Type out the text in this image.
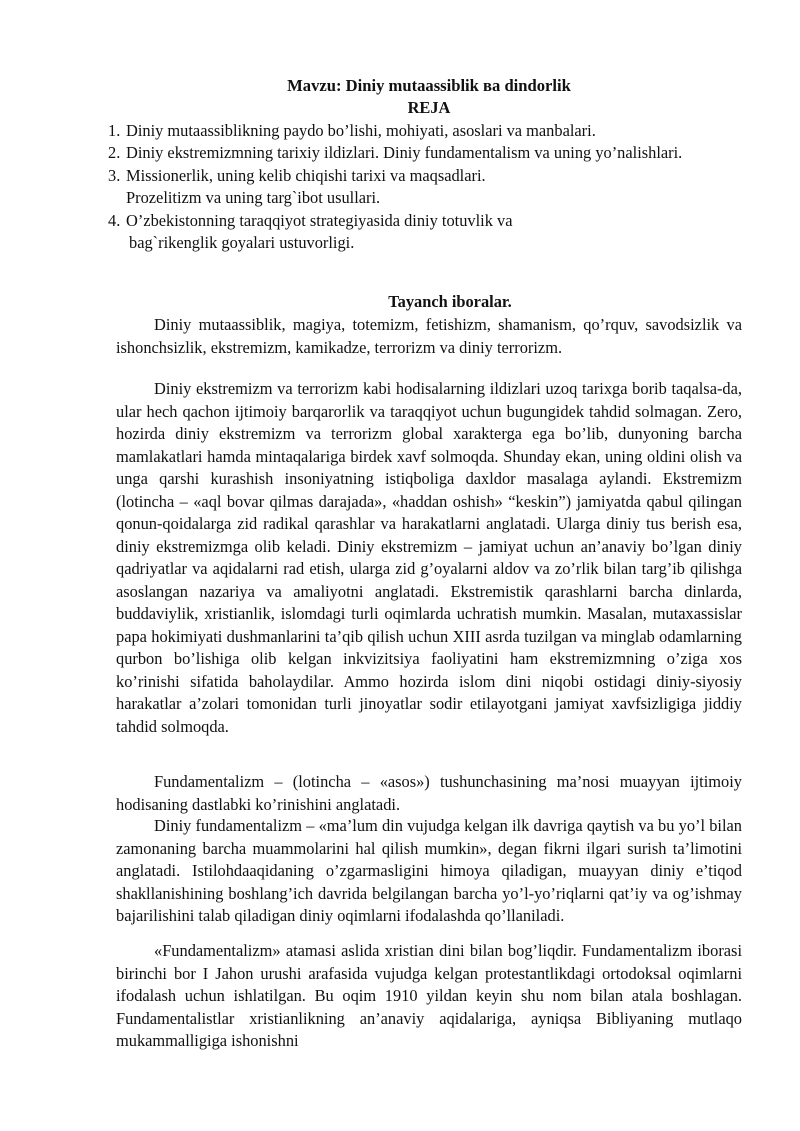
Mavzu: Diniy mutaassiblik ва dindorlik
REJA
1. Diniy mutaassiblikning paydo bo’lishi, mohiyati, asoslari va manbalari.
2. Diniy ekstremizmning tarixiy ildizlari. Diniy fundamentalism va uning yo’nalishlari.
3. Missionerlik, uning kelib chiqishi tarixi va maqsadlari.
Prozelitizm va uning targ`ibot usullari.
4. O’zbekistonning taraqqiyot strategiyasida diniy totuvlik va
bag`rikenglik goyalari ustuvorligi.
Tayanch iboralar.

Diniy mutaassiblik, magiya, totemizm, fetishizm, shamanism, qo’rquv, savodsizlik va ishonchsizlik, ekstremizm, kamikadze, terrorizm va diniy terrorizm.

Diniy ekstremizm va terrorizm kabi hodisalarning ildizlari uzoq tarixga borib taqalsa-da, ular hech qachon ijtimoiy barqarorlik va taraqqiyot uchun bugungidek tahdid solmagan. Zero, hozirda diniy ekstremizm va terrorizm global xarakterga ega bo’lib, dunyoning barcha mamlakatlari hamda mintaqalariga birdek xavf solmoqda. Shunday ekan, uning oldini olish va unga qarshi kurashish insoniyatning istiqboliga daxldor masalaga aylandi. Ekstremizm (lotincha – «aql bovar qilmas darajada», «haddan oshish» “keskin”) jamiyatda qabul qilingan qonun-qoidalarga zid radikal qarashlar va harakatlarni anglatadi. Ularga diniy tus berish esa, diniy ekstremizmga olib keladi. Diniy ekstremizm – jamiyat uchun an’anaviy bo’lgan diniy qadriyatlar va aqidalarni rad etish, ularga zid g’oyalarni aldov va zo’rlik bilan targ’ib qilishga asoslangan nazariya va amaliyotni anglatadi. Ekstremistik qarashlarni barcha dinlarda, buddaviylik, xristianlik, islomdagi turli oqimlarda uchratish mumkin. Masalan, mutaxassislar papa hokimiyati dushmanlarini ta’qib qilish uchun XIII asrda tuzilgan va minglab odamlarning qurbon bo’lishiga olib kelgan inkvizitsiya faoliyatini ham ekstremizmning o’ziga xos ko’rinishi sifatida baholaydilar. Ammo hozirda islom dini niqobi ostidagi diniy-siyosiy harakatlar a’zolari tomonidan turli jinoyatlar sodir etilayotgani jamiyat xavfsizligiga jiddiy tahdid solmoqda.

Fundamentalizm – (lotincha – «asos») tushunchasining ma’nosi muayyan ijtimoiy hodisaning dastlabki ko’rinishini anglatadi.

Diniy fundamentalizm – «ma’lum din vujudga kelgan ilk davriga qaytish va bu yo’l bilan zamonaning barcha muammolarini hal qilish mumkin», degan fikrni ilgari surish ta’limotini anglatadi. Istilohdaaqidaning o’zgarmasligini himoya qiladigan, muayyan diniy e’tiqod shakllanishining boshlang’ich davrida belgilangan barcha yo’l-yo’riqlarni qat’iy va og’ishmay bajarilishini talab qiladigan diniy oqimlarni ifodalashda qo’llaniladi.

«Fundamentalizm» atamasi aslida xristian dini bilan bog’liqdir. Fundamentalizm iborasi birinchi bor I Jahon urushi arafasida vujudga kelgan protestantlikdagi ortodoksal oqimlarni ifodalash uchun ishlatilgan. Bu oqim 1910 yildan keyin shu nom bilan atala boshlagan. Fundamentalistlar xristianlikning an’anaviy aqidalariga, ayniqsa Bibliyaning mutlaqo mukammalligiga ishonishni
